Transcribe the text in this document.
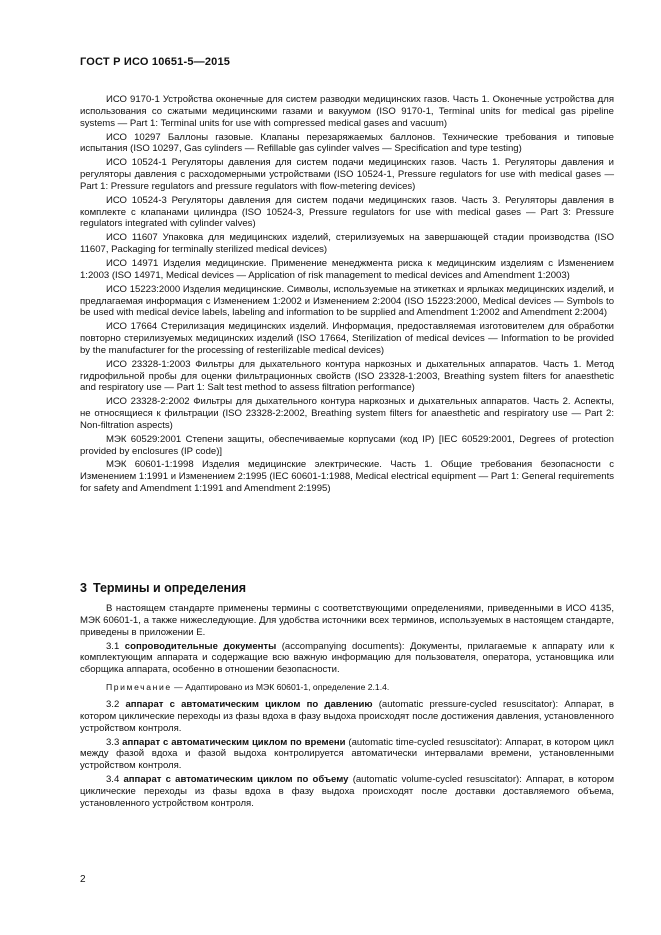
ГОСТ Р ИСО 10651-5—2015

ИСО 9170-1 Устройства оконечные для систем разводки медицинских газов. Часть 1. Оконечные устройства для использования со сжатыми медицинскими газами и вакуумом (ISO 9170-1, Terminal units for medical gas pipeline systems — Part 1: Terminal units for use with compressed medical gases and vacuum)

ИСО 10297 Баллоны газовые. Клапаны перезаряжаемых баллонов. Технические требования и типовые испытания (ISO 10297, Gas cylinders — Refillable gas cylinder valves — Specification and type testing)

ИСО 10524-1 Регуляторы давления для систем подачи медицинских газов. Часть 1. Регуляторы давления и регуляторы давления с расходомерными устройствами (ISO 10524-1, Pressure regulators for use with medical gases — Part 1: Pressure regulators and pressure regulators with flow-metering devices)

ИСО 10524-3 Регуляторы давления для систем подачи медицинских газов. Часть 3. Регуляторы давления в комплекте с клапанами цилиндра (ISO 10524-3, Pressure regulators for use with medical gases — Part 3: Pressure regulators integrated with cylinder valves)

ИСО 11607 Упаковка для медицинских изделий, стерилизуемых на завершающей стадии производства (ISO 11607, Packaging for terminally sterilized medical devices)

ИСО 14971 Изделия медицинские. Применение менеджмента риска к медицинским изделиям с Изменением 1:2003 (ISO 14971, Medical devices — Application of risk management to medical devices and Amendment 1:2003)

ИСО 15223:2000 Изделия медицинские. Символы, используемые на этикетках и ярлыках медицинских изделий, и предлагаемая информация с Изменением 1:2002 и Изменением 2:2004 (ISO 15223:2000, Medical devices — Symbols to be used with medical device labels, labeling and information to be supplied and Amendment 1:2002 and Amendment 2:2004)

ИСО 17664 Стерилизация медицинских изделий. Информация, предоставляемая изготовителем для обработки повторно стерилизуемых медицинских изделий (ISO 17664, Sterilization of medical devices — Information to be provided by the manufacturer for the processing of resterilizable medical devices)

ИСО 23328-1:2003 Фильтры для дыхательного контура наркозных и дыхательных аппаратов. Часть 1. Метод гидрофильной пробы для оценки фильтрационных свойств (ISO 23328-1:2003, Breathing system filters for anaesthetic and respiratory use — Part 1: Salt test method to assess filtration performance)

ИСО 23328-2:2002 Фильтры для дыхательного контура наркозных и дыхательных аппаратов. Часть 2. Аспекты, не относящиеся к фильтрации (ISO 23328-2:2002, Breathing system filters for anaesthetic and respiratory use — Part 2: Non-filtration aspects)

МЭК 60529:2001 Степени защиты, обеспечиваемые корпусами (код IP) [IEC 60529:2001, Degrees of protection provided by enclosures (IP code)]

МЭК 60601-1:1998 Изделия медицинские электрические. Часть 1. Общие требования безопасности с Изменением 1:1991 и Изменением 2:1995 (IEC 60601-1:1988, Medical electrical equipment — Part 1: General requirements for safety and Amendment 1:1991 and Amendment 2:1995)

3 Термины и определения

В настоящем стандарте применены термины с соответствующими определениями, приведенными в ИСО 4135, МЭК 60601-1, а также нижеследующие. Для удобства источники всех терминов, используемых в настоящем стандарте, приведены в приложении Е.

3.1 сопроводительные документы (accompanying documents): Документы, прилагаемые к аппарату или к комплектующим аппарата и содержащие всю важную информацию для пользователя, оператора, установщика или сборщика аппарата, особенно в отношении безопасности.

Примечание — Адаптировано из МЭК 60601-1, определение 2.1.4.

3.2 аппарат с автоматическим циклом по давлению (automatic pressure-cycled resuscitator): Аппарат, в котором циклические переходы из фазы вдоха в фазу выдоха происходят после достижения давления, установленного устройством контроля.

3.3 аппарат с автоматическим циклом по времени (automatic time-cycled resuscitator): Аппарат, в котором цикл между фазой вдоха и фазой выдоха контролируется автоматически интервалами времени, установленными устройством контроля.

3.4 аппарат с автоматическим циклом по объему (automatic volume-cycled resuscitator): Аппарат, в котором циклические переходы из фазы вдоха в фазу выдоха происходят после доставки доставляемого объема, установленного устройством контроля.

2
